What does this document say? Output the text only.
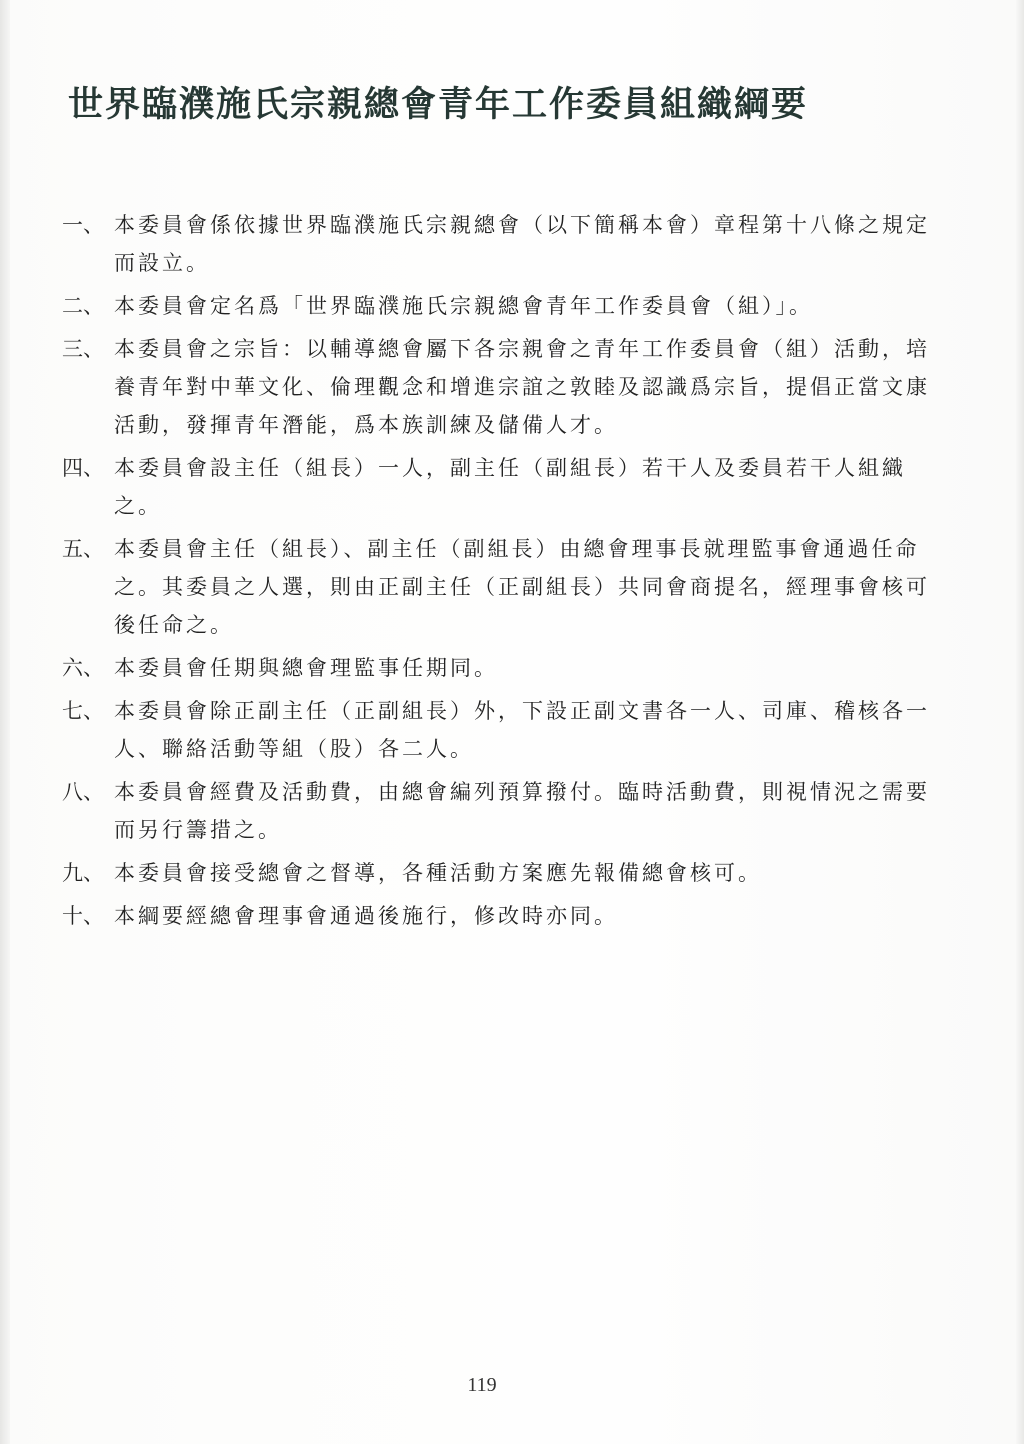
世界臨濮施氏宗親總會青年工作委員組織綱要
一、 本委員會係依據世界臨濮施氏宗親總會（以下簡稱本會）章程第十八條之規定而設立。
二、 本委員會定名爲「世界臨濮施氏宗親總會青年工作委員會（組）」。
三、 本委員會之宗旨：以輔導總會屬下各宗親會之青年工作委員會（組）活動，培養青年對中華文化、倫理觀念和增進宗誼之敦睦及認識爲宗旨，提倡正當文康活動，發揮青年潛能，爲本族訓練及儲備人才。
四、 本委員會設主任（組長）一人，副主任（副組長）若干人及委員若干人組織之。
五、 本委員會主任（組長）、副主任（副組長）由總會理事長就理監事會通過任命之。其委員之人選，則由正副主任（正副組長）共同會商提名，經理事會核可後任命之。
六、 本委員會任期與總會理監事任期同。
七、 本委員會除正副主任（正副組長）外，下設正副文書各一人、司庫、稽核各一人、聯絡活動等組（股）各二人。
八、 本委員會經費及活動費，由總會編列預算撥付。臨時活動費，則視情況之需要而另行籌措之。
九、 本委員會接受總會之督導，各種活動方案應先報備總會核可。
十、 本綱要經總會理事會通過後施行，修改時亦同。
119
